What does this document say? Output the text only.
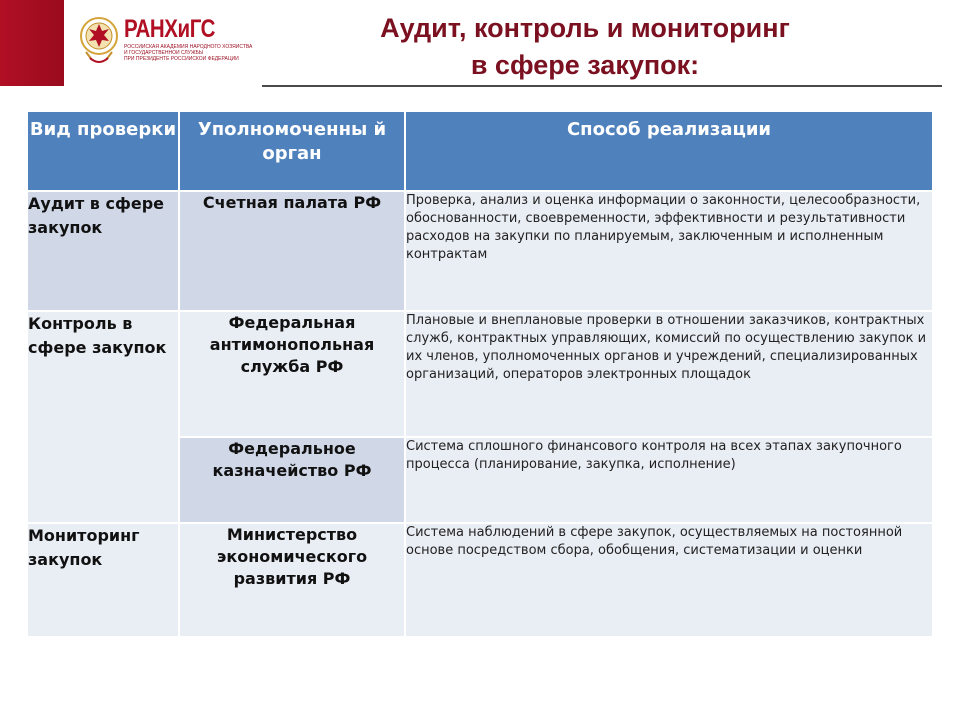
РАНХиГС
РОССИЙСКАЯ АКАДЕМИЯ НАРОДНОГО ХОЗЯЙСТВА
И ГОСУДАРСТВЕННОЙ СЛУЖБЫ
ПРИ ПРЕЗИДЕНТЕ РОССИЙСКОЙ ФЕДЕРАЦИИ
Аудит, контроль и мониторинг
в сфере закупок:
Вид проверки	Уполномоченны й орган	Способ реализации
Аудит в сфере закупок	Счетная палата РФ	Проверка, анализ и оценка информации о законности, целесообразности, обоснованности, своевременности, эффективности и результативности расходов на закупки по планируемым, заключенным и исполненным контрактам
Контроль в сфере закупок	Федеральная антимонопольная служба РФ	Плановые и внеплановые проверки в отношении заказчиков, контрактных служб, контрактных управляющих, комиссий по осуществлению закупок и их членов, уполномоченных органов и учреждений, специализированных организаций, операторов электронных площадок
	Федеральное казначейство РФ	Система сплошного финансового контроля на всех этапах закупочного процесса (планирование, закупка, исполнение)
Мониторинг закупок	Министерство экономического развития РФ	Система наблюдений в сфере закупок, осуществляемых на постоянной основе посредством сбора, обобщения, систематизации и оценки
